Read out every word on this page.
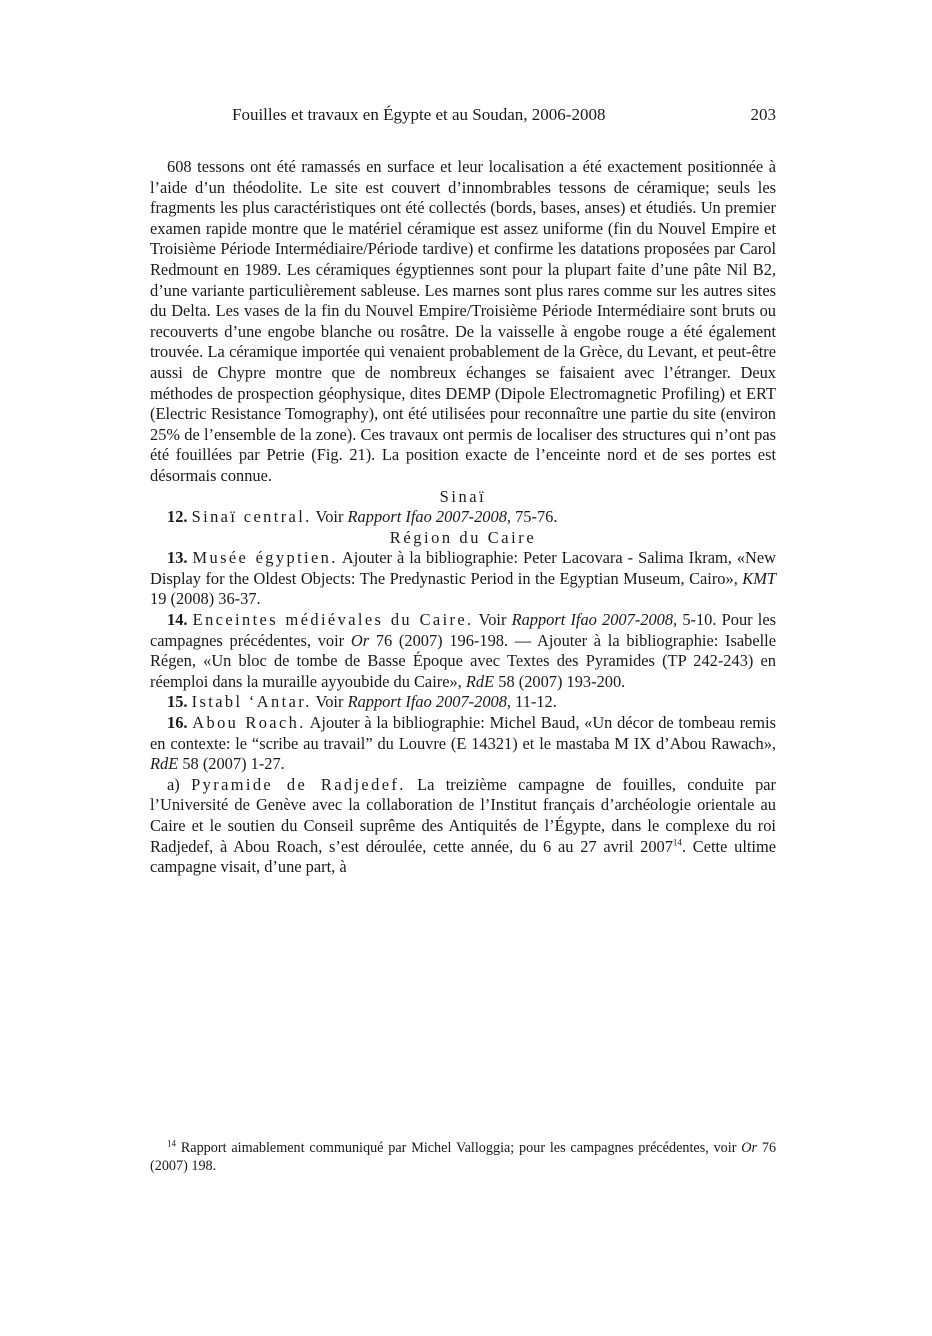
Fouilles et travaux en Égypte et au Soudan, 2006-2008	203

608 tessons ont été ramassés en surface et leur localisation a été exactement positionnée à l’aide d’un théodolite. Le site est couvert d’innombrables tessons de céramique; seuls les fragments les plus caractéristiques ont été collectés (bords, bases, anses) et étudiés. Un premier examen rapide montre que le matériel céramique est assez uniforme (fin du Nouvel Empire et Troisième Période Intermédiaire/Période tardive) et confirme les datations proposées par Carol Redmount en 1989. Les céramiques égyptiennes sont pour la plupart faite d’une pâte Nil B2, d’une variante particulièrement sableuse. Les marnes sont plus rares comme sur les autres sites du Delta. Les vases de la fin du Nouvel Empire/Troisième Période Intermédiaire sont bruts ou recouverts d’une engobe blanche ou rosâtre. De la vaisselle à engobe rouge a été également trouvée. La céramique importée qui venaient probablement de la Grèce, du Levant, et peut-être aussi de Chypre montre que de nombreux échanges se faisaient avec l’étranger. Deux méthodes de prospection géophysique, dites DEMP (Dipole Electromagnetic Profiling) et ERT (Electric Resistance Tomography), ont été utilisées pour reconnaître une partie du site (environ 25% de l’ensemble de la zone). Ces travaux ont permis de localiser des structures qui n’ont pas été fouillées par Petrie (Fig. 21). La position exacte de l’enceinte nord et de ses portes est désormais connue.

Sinaï

12. Sinaï central. Voir Rapport Ifao 2007-2008, 75-76.

Région du Caire

13. Musée égyptien. Ajouter à la bibliographie: Peter Lacovara - Salima Ikram, «New Display for the Oldest Objects: The Predynastic Period in the Egyptian Museum, Cairo», KMT 19 (2008) 36-37.

14. Enceintes médiévales du Caire. Voir Rapport Ifao 2007-2008, 5-10. Pour les campagnes précédentes, voir Or 76 (2007) 196-198. — Ajouter à la bibliographie: Isabelle Régen, «Un bloc de tombe de Basse Époque avec Textes des Pyramides (TP 242-243) en réemploi dans la muraille ayyoubide du Caire», RdE 58 (2007) 193-200.

15. Istabl ‘Antar. Voir Rapport Ifao 2007-2008, 11-12.

16. Abou Roach. Ajouter à la bibliographie: Michel Baud, «Un décor de tombeau remis en contexte: le “scribe au travail” du Louvre (E 14321) et le mastaba M IX d’Abou Rawach», RdE 58 (2007) 1-27.

a) Pyramide de Radjedef. La treizième campagne de fouilles, conduite par l’Université de Genève avec la collaboration de l’Institut français d’archéologie orientale au Caire et le soutien du Conseil suprême des Antiquités de l’Égypte, dans le complexe du roi Radjedef, à Abou Roach, s’est déroulée, cette année, du 6 au 27 avril 2007$^{14}$. Cette ultime campagne visait, d’une part, à

$^{14}$ Rapport aimablement communiqué par Michel Valloggia; pour les campagnes précédentes, voir Or 76 (2007) 198.
